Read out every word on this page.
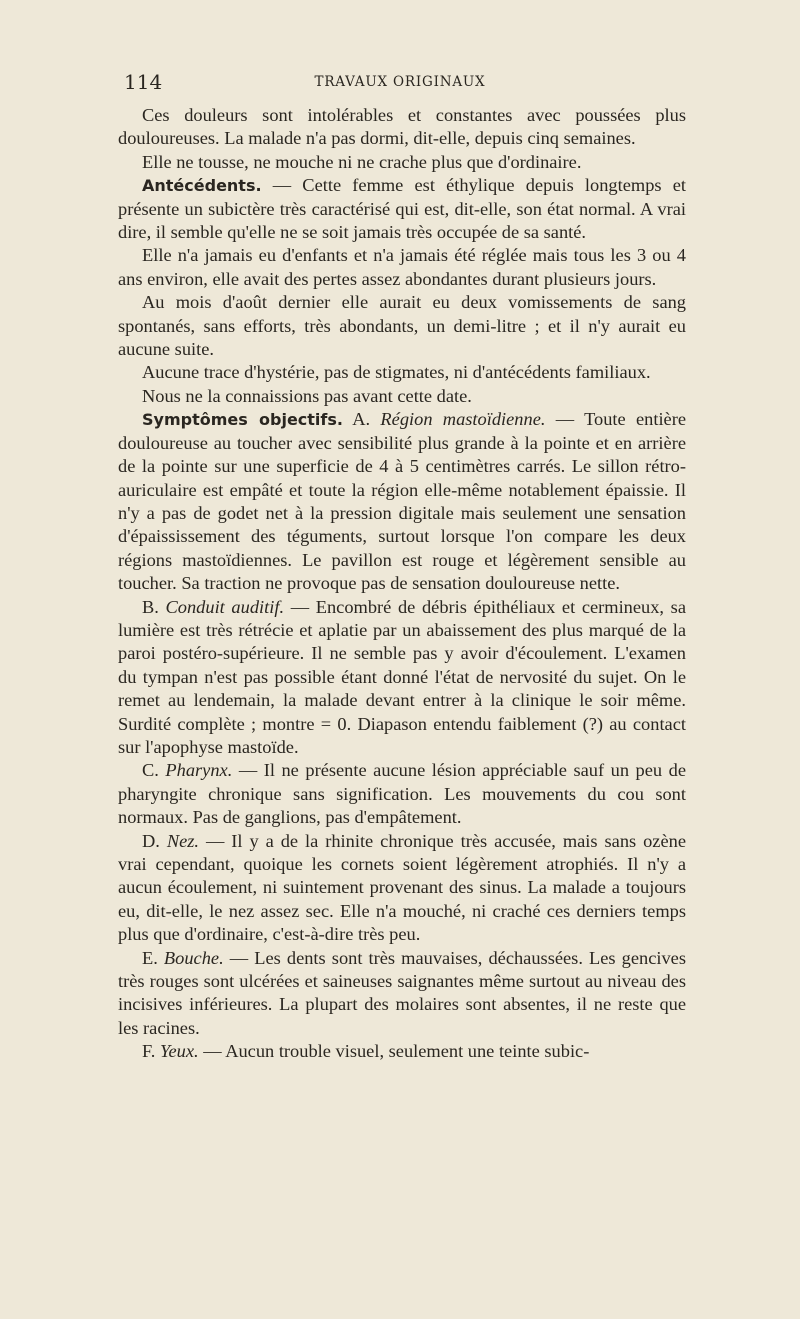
114	TRAVAUX ORIGINAUX

Ces douleurs sont intolérables et constantes avec poussées plus douloureuses. La malade n'a pas dormi, dit-elle, depuis cinq semaines.

Elle ne tousse, ne mouche ni ne crache plus que d'ordinaire.

Antécédents. — Cette femme est éthylique depuis longtemps et présente un subictère très caractérisé qui est, dit-elle, son état normal. A vrai dire, il semble qu'elle ne se soit jamais très occupée de sa santé.

Elle n'a jamais eu d'enfants et n'a jamais été réglée mais tous les 3 ou 4 ans environ, elle avait des pertes assez abondantes durant plusieurs jours.

Au mois d'août dernier elle aurait eu deux vomissements de sang spontanés, sans efforts, très abondants, un demi-litre ; et il n'y aurait eu aucune suite.

Aucune trace d'hystérie, pas de stigmates, ni d'antécédents familiaux.

Nous ne la connaissions pas avant cette date.

Symptômes objectifs. A. Région mastoïdienne. — Toute entière douloureuse au toucher avec sensibilité plus grande à la pointe et en arrière de la pointe sur une superficie de 4 à 5 centimètres carrés. Le sillon rétro-auriculaire est empâté et toute la région elle-même notablement épaissie. Il n'y a pas de godet net à la pression digitale mais seulement une sensation d'épaississement des téguments, surtout lorsque l'on compare les deux régions mastoïdiennes. Le pavillon est rouge et légèrement sensible au toucher. Sa traction ne provoque pas de sensation douloureuse nette.

B. Conduit auditif. — Encombré de débris épithéliaux et cermineux, sa lumière est très rétrécie et aplatie par un abaissement des plus marqué de la paroi postéro-supérieure. Il ne semble pas y avoir d'écoulement. L'examen du tympan n'est pas possible étant donné l'état de nervosité du sujet. On le remet au lendemain, la malade devant entrer à la clinique le soir même. Surdité complète ; montre = 0. Diapason entendu faiblement (?) au contact sur l'apophyse mastoïde.

C. Pharynx. — Il ne présente aucune lésion appréciable sauf un peu de pharyngite chronique sans signification. Les mouvements du cou sont normaux. Pas de ganglions, pas d'empâtement.

D. Nez. — Il y a de la rhinite chronique très accusée, mais sans ozène vrai cependant, quoique les cornets soient légèrement atrophiés. Il n'y a aucun écoulement, ni suintement provenant des sinus. La malade a toujours eu, dit-elle, le nez assez sec. Elle n'a mouché, ni craché ces derniers temps plus que d'ordinaire, c'est-à-dire très peu.

E. Bouche. — Les dents sont très mauvaises, déchaussées. Les gencives très rouges sont ulcérées et saineuses saignantes même surtout au niveau des incisives inférieures. La plupart des molaires sont absentes, il ne reste que les racines.

F. Yeux. — Aucun trouble visuel, seulement une teinte subic-
